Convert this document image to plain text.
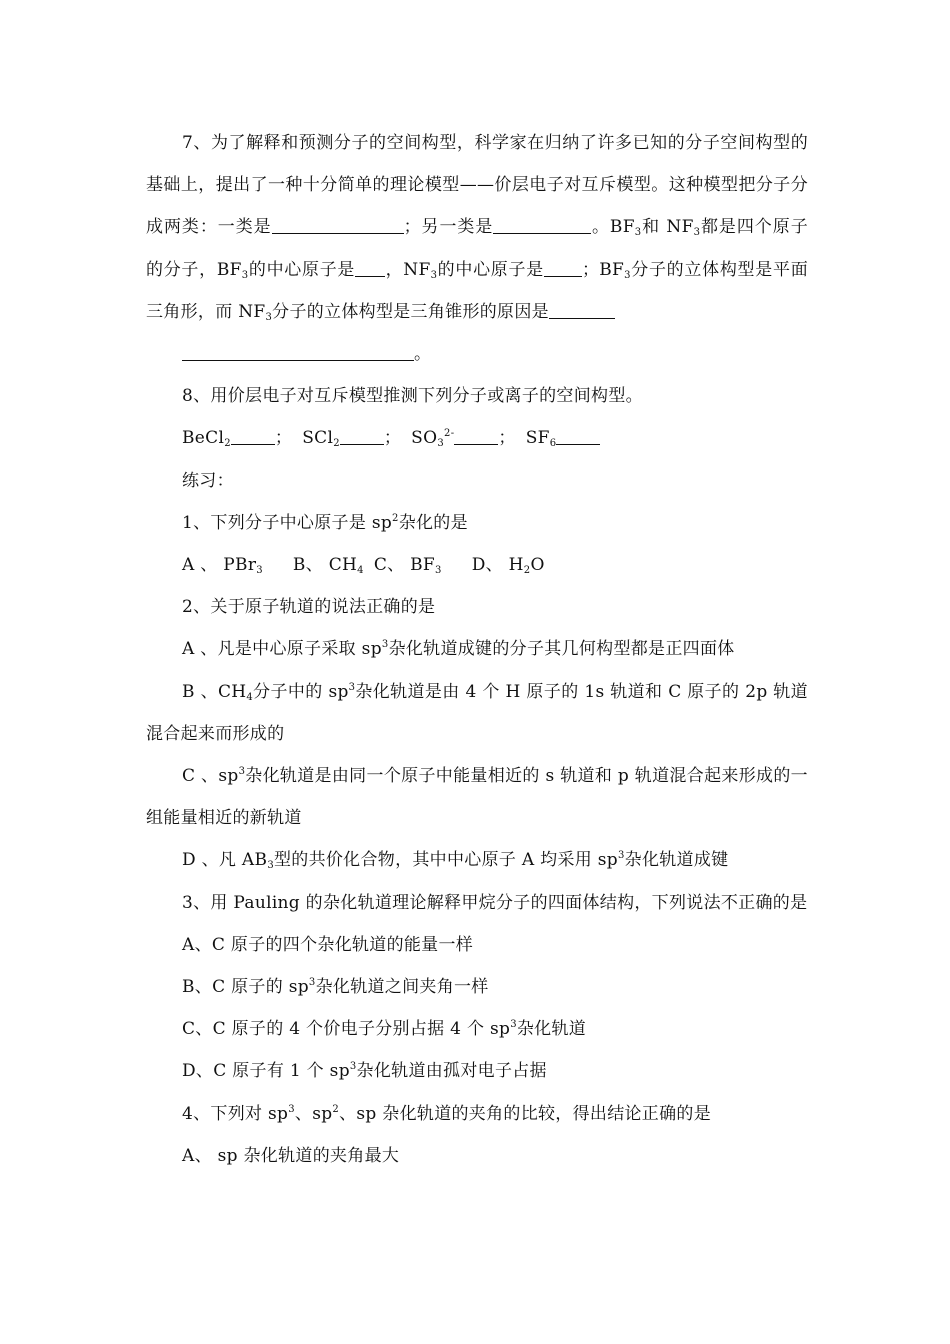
7、为了解释和预测分子的空间构型，科学家在归纳了许多已知的分子空间构型的基础上，提出了一种十分简单的理论模型——价层电子对互斥模型。这种模型把分子分成两类：一类是	；另一类是	。$BF_3$和 $NF_3$都是四个原子的分子，$BF_3$的中心原子是 ，$NF_3$的中心原子是 ；$BF_3$分子的立体构型是平面三角形，而 $NF_3$分子的立体构型是三角锥形的原因是

。

8、用价层电子对互斥模型推测下列分子或离子的空间构型。

BeCl$_2$	； SCl$_2$	； $SO_3^{2-}$	； $SF_6$

练习：

1、下列分子中心原子是 $sp^2$杂化的是

A 、 PBr$_3$ B、 $CH_4$ C、 $BF_3$ D、 $H_2O$

2、关于原子轨道的说法正确的是

A 、凡是中心原子采取 $sp^3$杂化轨道成键的分子其几何构型都是正四面体

B 、$CH_4$分子中的 $sp^3$杂化轨道是由 4 个 H 原子的 1s 轨道和 C 原子的 2p 轨道混合起来而形成的

C 、$sp^3$杂化轨道是由同一个原子中能量相近的 s 轨道和 p 轨道混合起来形成的一组能量相近的新轨道

D 、凡 $AB_3$型的共价化合物，其中中心原子 A 均采用 $sp^3$杂化轨道成键

3、用 Pauling 的杂化轨道理论解释甲烷分子的四面体结构，下列说法不正确的是

A、C 原子的四个杂化轨道的能量一样

B、C 原子的 $sp^3$杂化轨道之间夹角一样

C、C 原子的 4 个价电子分别占据 4 个 $sp^3$杂化轨道

D、C 原子有 1 个 $sp^3$杂化轨道由孤对电子占据

4、下列对 $sp^3$、$sp^2$、sp 杂化轨道的夹角的比较，得出结论正确的是

A、 sp 杂化轨道的夹角最大
